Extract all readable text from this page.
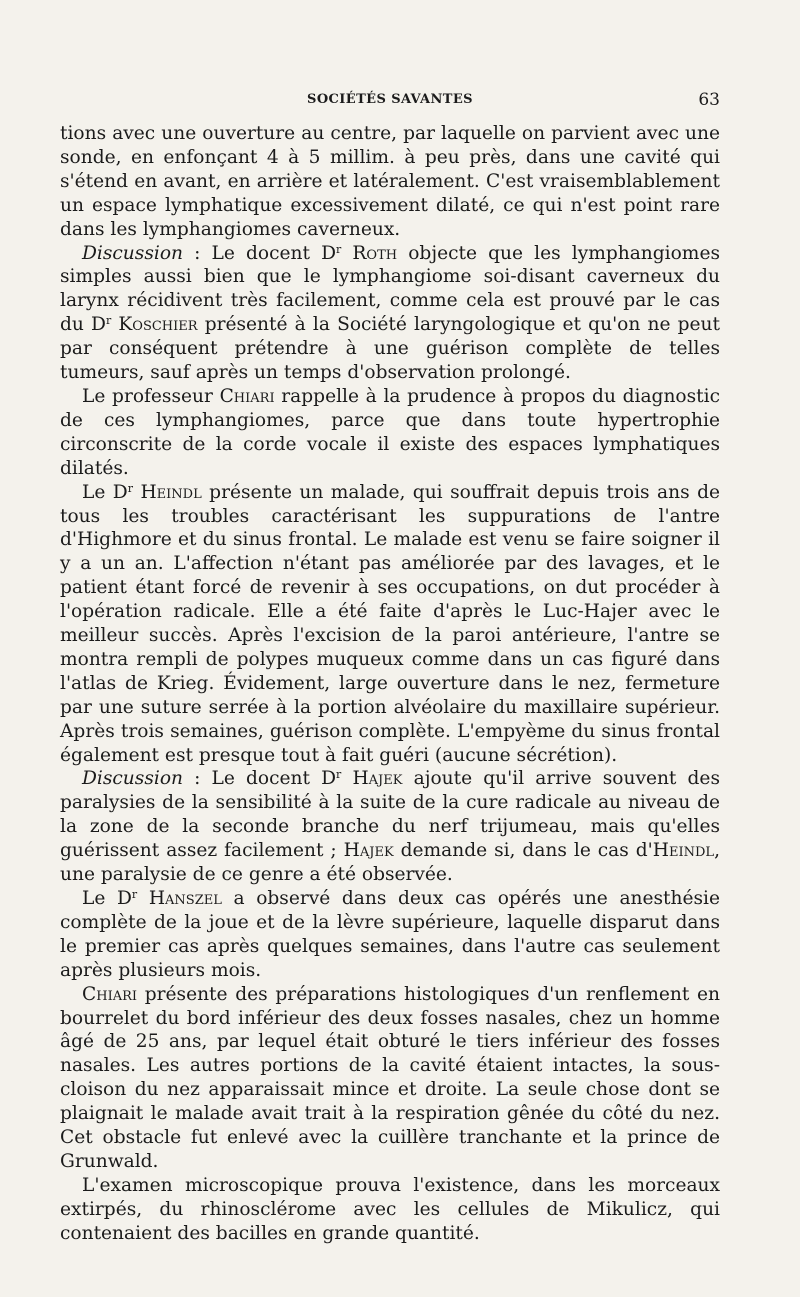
SOCIÉTÉS SAVANTES	63

tions avec une ouverture au centre, par laquelle on parvient avec une sonde, en enfonçant 4 à 5 millim. à peu près, dans une cavité qui s'étend en avant, en arrière et latéralement. C'est vraisemblablement un espace lymphatique excessivement dilaté, ce qui n'est point rare dans les lymphangiomes caverneux.

Discussion : Le docent $D^r$ Roth objecte que les lymphangiomes simples aussi bien que le lymphangiome soi-disant caverneux du larynx récidivent très facilement, comme cela est prouvé par le cas du $D^r$ Koschier présenté à la Société laryngologique et qu'on ne peut par conséquent prétendre à une guérison complète de telles tumeurs, sauf après un temps d'observation prolongé.

Le professeur Chiari rappelle à la prudence à propos du diagnostic de ces lymphangiomes, parce que dans toute hypertrophie circonscrite de la corde vocale il existe des espaces lymphatiques dilatés.

Le $D^r$ Heindl présente un malade, qui souffrait depuis trois ans de tous les troubles caractérisant les suppurations de l'antre d'Highmore et du sinus frontal. Le malade est venu se faire soigner il y a un an. L'affection n'étant pas améliorée par des lavages, et le patient étant forcé de revenir à ses occupations, on dut procéder à l'opération radicale. Elle a été faite d'après le Luc-Hajer avec le meilleur succès. Après l'excision de la paroi antérieure, l'antre se montra rempli de polypes muqueux comme dans un cas figuré dans l'atlas de Krieg. Évidement, large ouverture dans le nez, fermeture par une suture serrée à la portion alvéolaire du maxillaire supérieur. Après trois semaines, guérison complète. L'empyème du sinus frontal également est presque tout à fait guéri (aucune sécrétion).

Discussion : Le docent $D^r$ Hajek ajoute qu'il arrive souvent des paralysies de la sensibilité à la suite de la cure radicale au niveau de la zone de la seconde branche du nerf trijumeau, mais qu'elles guérissent assez facilement ; Hajek demande si, dans le cas d'Heindl, une paralysie de ce genre a été observée.

Le $D^r$ Hanszel a observé dans deux cas opérés une anesthésie complète de la joue et de la lèvre supérieure, laquelle disparut dans le premier cas après quelques semaines, dans l'autre cas seulement après plusieurs mois.

Chiari présente des préparations histologiques d'un renflement en bourrelet du bord inférieur des deux fosses nasales, chez un homme âgé de 25 ans, par lequel était obturé le tiers inférieur des fosses nasales. Les autres portions de la cavité étaient intactes, la sous-cloison du nez apparaissait mince et droite. La seule chose dont se plaignait le malade avait trait à la respiration gênée du côté du nez. Cet obstacle fut enlevé avec la cuillère tranchante et la prince de Grunwald.

L'examen microscopique prouva l'existence, dans les morceaux extirpés, du rhinosclérome avec les cellules de Mikulicz, qui contenaient des bacilles en grande quantité.
